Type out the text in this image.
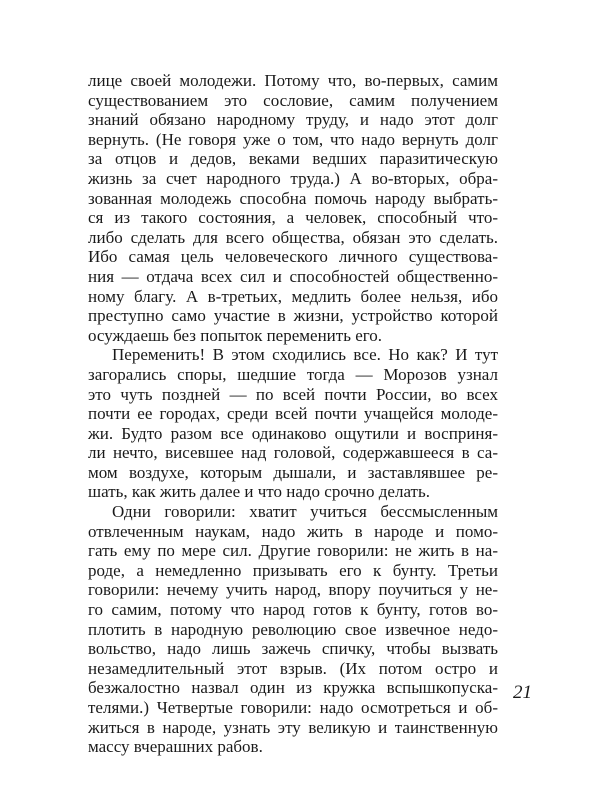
лице своей молодежи. Потому что, во-первых, самим
существованием это сословие, самим получением
знаний обязано народному труду, и надо этот долг
вернуть. (Не говоря уже о том, что надо вернуть долг
за отцов и дедов, веками ведших паразитическую
жизнь за счет народного труда.) А во-вторых, обра-
зованная молодежь способна помочь народу выбрать-
ся из такого состояния, а человек, способный что-
либо сделать для всего общества, обязан это сделать.
Ибо самая цель человеческого личного существова-
ния — отдача всех сил и способностей общественно-
ному благу. А в-третьих, медлить более нельзя, ибо
преступно само участие в жизни, устройство которой
осуждаешь без попыток переменить его.
Переменить! В этом сходились все. Но как? И тут
загорались споры, шедшие тогда — Морозов узнал
это чуть поздней — по всей почти России, во всех
почти ее городах, среди всей почти учащейся молоде-
жи. Будто разом все одинаково ощутили и восприня-
ли нечто, висевшее над головой, содержавшееся в са-
мом воздухе, которым дышали, и заставлявшее ре-
шать, как жить далее и что надо срочно делать.
Одни говорили: хватит учиться бессмысленным
отвлеченным наукам, надо жить в народе и помо-
гать ему по мере сил. Другие говорили: не жить в на-
роде, а немедленно призывать его к бунту. Третьи
говорили: нечему учить народ, впору поучиться у не-
го самим, потому что народ готов к бунту, готов во-
плотить в народную революцию свое извечное недо-
вольство, надо лишь зажечь спичку, чтобы вызвать
незамедлительный этот взрыв. (Их потом остро и
безжалостно назвал один из кружка вспышкопуска-
телями.) Четвертые говорили: надо осмотреться и об-
житься в народе, узнать эту великую и таинственную
массу вчерашних рабов.
21
